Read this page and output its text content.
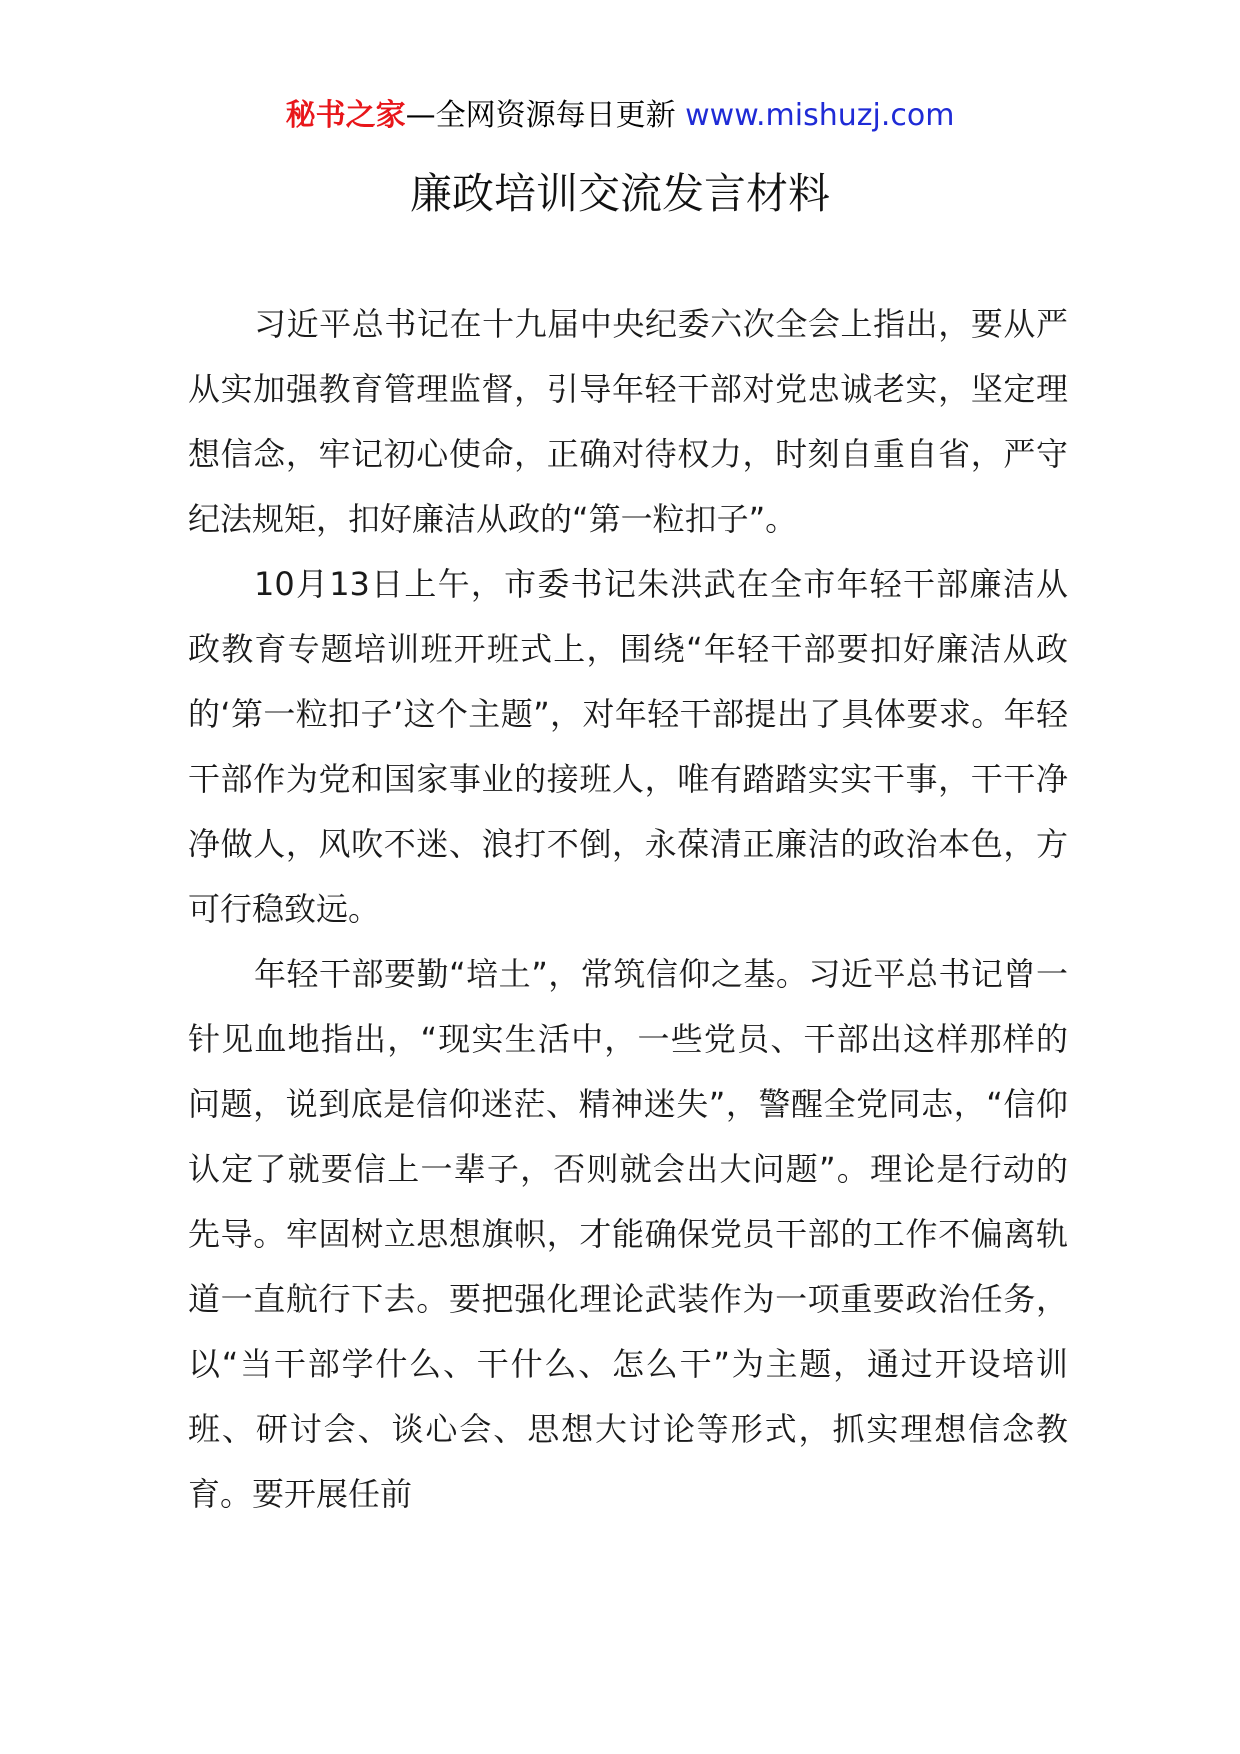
秘书之家—全网资源每日更新 www.mishuzj.com
廉政培训交流发言材料

习近平总书记在十九届中央纪委六次全会上指出，要从严从实加强教育管理监督，引导年轻干部对党忠诚老实，坚定理想信念，牢记初心使命，正确对待权力，时刻自重自省，严守纪法规矩，扣好廉洁从政的“第一粒扣子”。

10月13日上午，市委书记朱洪武在全市年轻干部廉洁从政教育专题培训班开班式上，围绕“年轻干部要扣好廉洁从政的‘第一粒扣子’这个主题”，对年轻干部提出了具体要求。年轻干部作为党和国家事业的接班人，唯有踏踏实实干事，干干净净做人，风吹不迷、浪打不倒，永葆清正廉洁的政治本色，方可行稳致远。

年轻干部要勤“培土”，常筑信仰之基。习近平总书记曾一针见血地指出，“现实生活中，一些党员、干部出这样那样的问题，说到底是信仰迷茫、精神迷失”，警醒全党同志，“信仰认定了就要信上一辈子，否则就会出大问题”。理论是行动的先导。牢固树立思想旗帜，才能确保党员干部的工作不偏离轨道一直航行下去。要把强化理论武装作为一项重要政治任务，以“当干部学什么、干什么、怎么干”为主题，通过开设培训班、研讨会、谈心会、思想大讨论等形式，抓实理想信念教育。要开展任前
